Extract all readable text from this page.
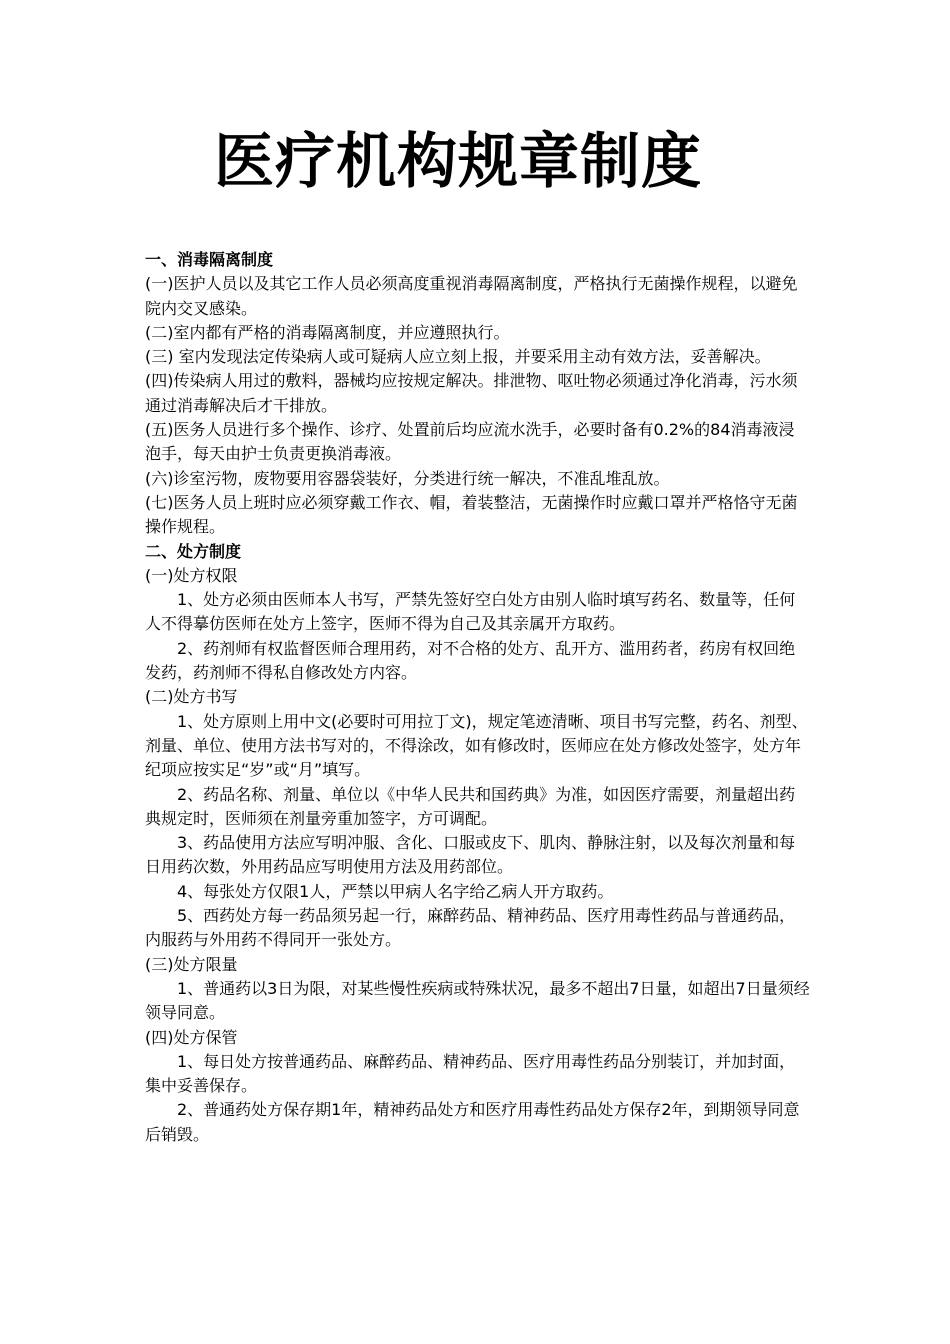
医疗机构规章制度

一、消毒隔离制度

(一)医护人员以及其它工作人员必须高度重视消毒隔离制度，严格执行无菌操作规程，以避免院内交叉感染。

(二)室内都有严格的消毒隔离制度，并应遵照执行。

(三) 室内发现法定传染病人或可疑病人应立刻上报，并要采用主动有效方法，妥善解决。

(四)传染病人用过的敷料，器械均应按规定解决。排泄物、呕吐物必须通过净化消毒，污水须通过消毒解决后才干排放。

(五)医务人员进行多个操作、诊疗、处置前后均应流水洗手，必要时备有0.2%的84消毒液浸泡手，每天由护士负责更换消毒液。

(六)诊室污物，废物要用容器袋装好，分类进行统一解决，不准乱堆乱放。

(七)医务人员上班时应必须穿戴工作衣、帽，着装整洁，无菌操作时应戴口罩并严格恪守无菌操作规程。

二、处方制度

(一)处方权限

1、处方必须由医师本人书写，严禁先签好空白处方由别人临时填写药名、数量等，任何人不得摹仿医师在处方上签字，医师不得为自己及其亲属开方取药。

2、药剂师有权监督医师合理用药，对不合格的处方、乱开方、滥用药者，药房有权回绝发药，药剂师不得私自修改处方内容。

(二)处方书写

1、处方原则上用中文(必要时可用拉丁文)，规定笔迹清晰、项目书写完整，药名、剂型、剂量、单位、使用方法书写对的，不得涂改，如有修改时，医师应在处方修改处签字，处方年纪项应按实足“岁”或“月”填写。

2、药品名称、剂量、单位以《中华人民共和国药典》为准，如因医疗需要，剂量超出药典规定时，医师须在剂量旁重加签字，方可调配。

3、药品使用方法应写明冲服、含化、口服或皮下、肌肉、静脉注射，以及每次剂量和每日用药次数，外用药品应写明使用方法及用药部位。

4、每张处方仅限1人，严禁以甲病人名字给乙病人开方取药。

5、西药处方每一药品须另起一行，麻醉药品、精神药品、医疗用毒性药品与普通药品，内服药与外用药不得同开一张处方。

(三)处方限量

1、普通药以3日为限，对某些慢性疾病或特殊状况，最多不超出7日量，如超出7日量须经领导同意。

(四)处方保管

1、每日处方按普通药品、麻醉药品、精神药品、医疗用毒性药品分别装订，并加封面，集中妥善保存。

2、普通药处方保存期1年，精神药品处方和医疗用毒性药品处方保存2年，到期领导同意后销毁。
